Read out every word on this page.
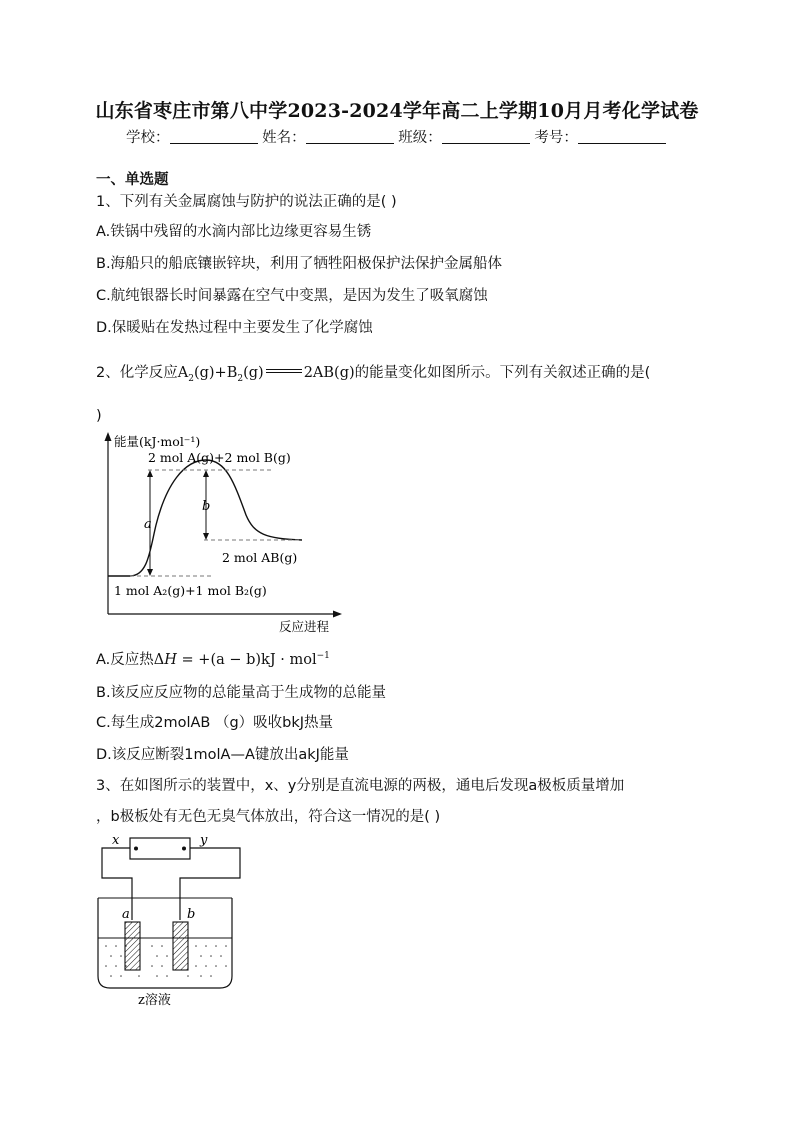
山东省枣庄市第八中学2023-2024学年高二上学期10月月考化学试卷
学校：	姓名：	班级：	考号：
一、单选题
1、下列有关金属腐蚀与防护的说法正确的是( )
A.铁锅中残留的水滴内部比边缘更容易生锈
B.海船只的船底镶嵌锌块，利用了牺牲阳极保护法保护金属船体
C.航纯银器长时间暴露在空气中变黑，是因为发生了吸氧腐蚀
D.保暖贴在发热过程中主要发生了化学腐蚀
2、化学反应$A_2(g)+B_2(g)$	2AB(g)的能量变化如图所示。下列有关叙述正确的是(
)
a
b
能量(kJ·mol⁻¹)
2 mol A(g)+2 mol B(g)
2 mol AB(g)
1 mol A₂(g)+1 mol B₂(g)
反应进程
A.反应热ΔH = +(a − b)kJ · mol$^{-1}$
B.该反应反应物的总能量高于生成物的总能量
C.每生成2molAB （g）吸收bkJ热量
D.该反应断裂1molA—A键放出akJ能量
3、在如图所示的装置中，x、y分别是直流电源的两极，通电后发现a极板质量增加
，b极板处有无色无臭气体放出，符合这一情况的是( )
x	y
a	b
z溶液
